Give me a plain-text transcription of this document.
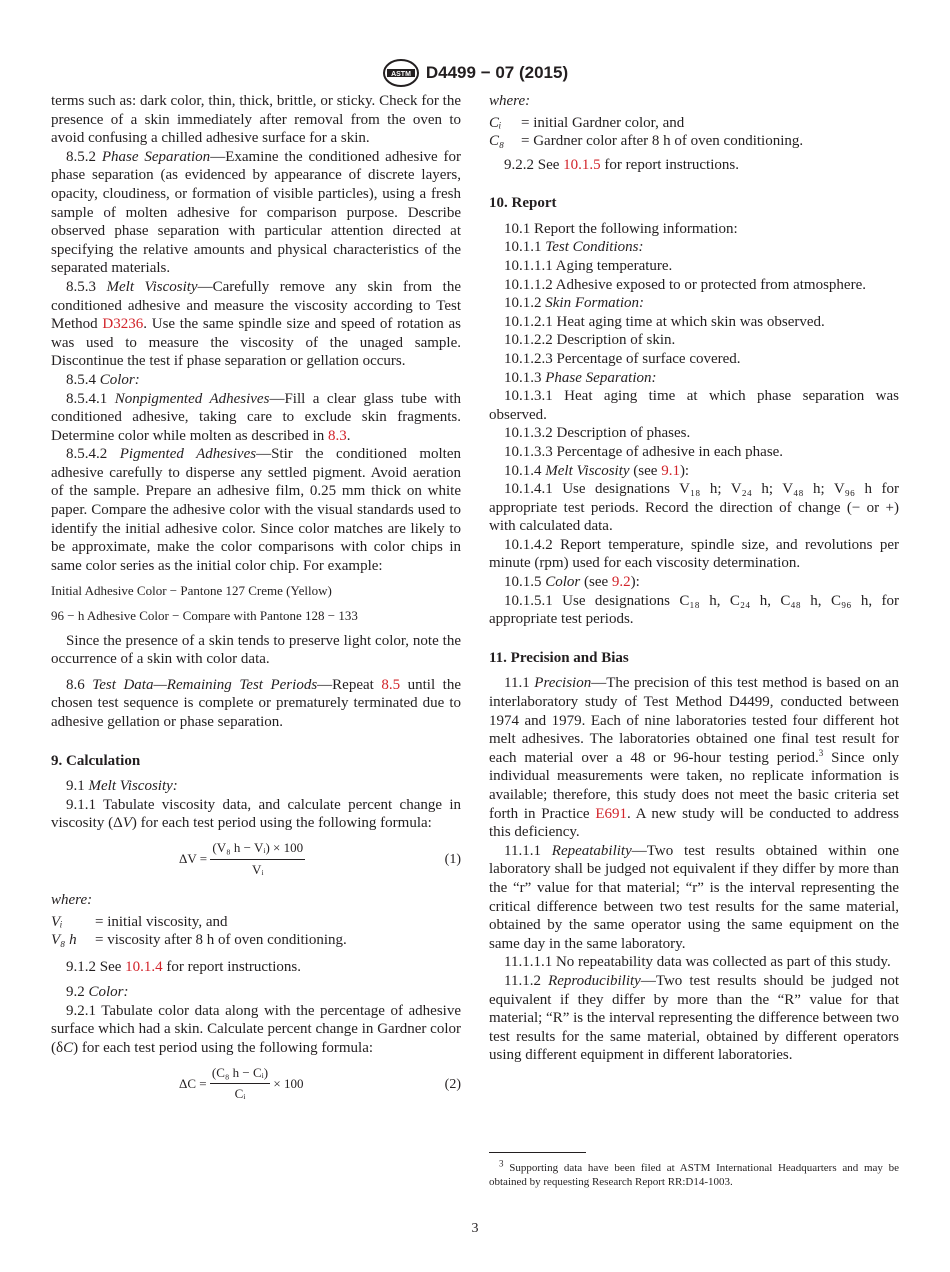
ASTM D4499 − 07 (2015)

terms such as: dark color, thin, thick, brittle, or sticky. Check for the presence of a skin immediately after removal from the oven to avoid confusing a chilled adhesive surface for a skin.

8.5.2 Phase Separation—Examine the conditioned adhesive for phase separation (as evidenced by appearance of discrete layers, opacity, cloudiness, or formation of visible particles), using a fresh sample of molten adhesive for comparison purpose. Describe observed phase separation with particular attention directed at specifying the relative amounts and physical characteristics of the separated materials.

8.5.3 Melt Viscosity—Carefully remove any skin from the conditioned adhesive and measure the viscosity according to Test Method D3236. Use the same spindle size and speed of rotation as was used to measure the viscosity of the unaged sample. Discontinue the test if phase separation or gellation occurs.

8.5.4 Color:

8.5.4.1 Nonpigmented Adhesives—Fill a clear glass tube with conditioned adhesive, taking care to exclude skin fragments. Determine color while molten as described in 8.3.

8.5.4.2 Pigmented Adhesives—Stir the conditioned molten adhesive carefully to disperse any settled pigment. Avoid aeration of the sample. Prepare an adhesive film, 0.25 mm thick on white paper. Compare the adhesive color with the visual standards used to identify the initial adhesive color. Since color matches are likely to be approximate, make the color comparisons with color chips in same color series as the initial color chip. For example:

Initial Adhesive Color − Pantone 127 Creme (Yellow)

96 − h Adhesive Color − Compare with Pantone 128 − 133

Since the presence of a skin tends to preserve light color, note the occurrence of a skin with color data.

8.6 Test Data—Remaining Test Periods—Repeat 8.5 until the chosen test sequence is complete or prematurely terminated due to adhesive gellation or phase separation.

9. Calculation

9.1 Melt Viscosity:

9.1.1 Tabulate viscosity data, and calculate percent change in viscosity (ΔV) for each test period using the following formula:

$\Delta V = \frac{\text{(V₈ h − Vᵢ) × 100}}{\text{Vᵢ}}$	(1)

where:

Vᵢ	= initial viscosity, and
V₈ h	= viscosity after 8 h of oven conditioning.

9.1.2 See 10.1.4 for report instructions.

9.2 Color:

9.2.1 Tabulate color data along with the percentage of adhesive surface which had a skin. Calculate percent change in Gardner color (δC) for each test period using the following formula:

$\Delta C = \frac{\text{(C₈ h − Cᵢ)}}{\text{Cᵢ}} \times 100$	(2)

where:

Cᵢ	= initial Gardner color, and
C₈	= Gardner color after 8 h of oven conditioning.

9.2.2 See 10.1.5 for report instructions.

10. Report

10.1 Report the following information:

10.1.1 Test Conditions:

10.1.1.1 Aging temperature.

10.1.1.2 Adhesive exposed to or protected from atmosphere.

10.1.2 Skin Formation:

10.1.2.1 Heat aging time at which skin was observed.

10.1.2.2 Description of skin.

10.1.2.3 Percentage of surface covered.

10.1.3 Phase Separation:

10.1.3.1 Heat aging time at which phase separation was observed.

10.1.3.2 Description of phases.

10.1.3.3 Percentage of adhesive in each phase.

10.1.4 Melt Viscosity (see 9.1):

10.1.4.1 Use designations V₁₈ h; V₂₄ h; V₄₈ h; V₉₆ h for appropriate test periods. Record the direction of change (− or +) with calculated data.

10.1.4.2 Report temperature, spindle size, and revolutions per minute (rpm) used for each viscosity determination.

10.1.5 Color (see 9.2):

10.1.5.1 Use designations C₁₈ h, C₂₄ h, C₄₈ h, C₉₆ h, for appropriate test periods.

11. Precision and Bias

11.1 Precision—The precision of this test method is based on an interlaboratory study of Test Method D4499, conducted between 1974 and 1979. Each of nine laboratories tested four different hot melt adhesives. The laboratories obtained one final test result for each material over a 48 or 96-hour testing period.$^3$ Since only individual measurements were taken, no replicate information is available; therefore, this study does not meet the basic criteria set forth in Practice E691. A new study will be conducted to address this deficiency.

11.1.1 Repeatability—Two test results obtained within one laboratory shall be judged not equivalent if they differ by more than the “r” value for that material; “r” is the interval representing the critical difference between two test results for the same material, obtained by the same operator using the same equipment on the same day in the same laboratory.

11.1.1.1 No repeatability data was collected as part of this study.

11.1.2 Reproducibility—Two test results should be judged not equivalent if they differ by more than the “R” value for that material; “R” is the interval representing the difference between two test results for the same material, obtained by different operators using different equipment in different laboratories.

$^3$ Supporting data have been filed at ASTM International Headquarters and may be obtained by requesting Research Report RR:D14-1003.
3
